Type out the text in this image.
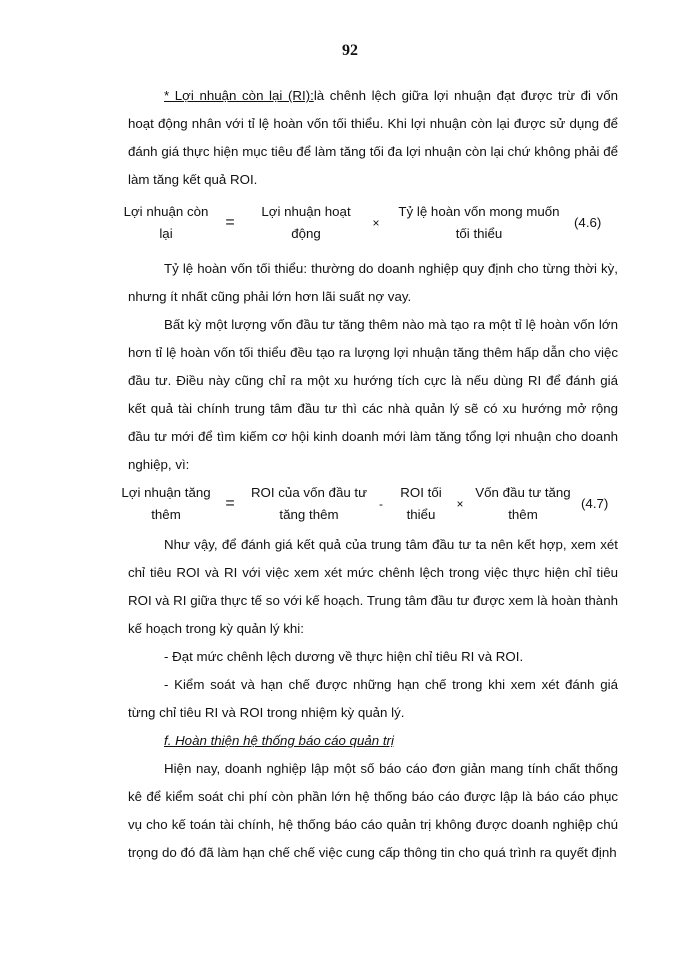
92

* Lợi nhuận còn lại (RI):là chênh lệch giữa lợi nhuận đạt được trừ đi vốn hoạt động nhân với tỉ lệ hoàn vốn tối thiểu. Khi lợi nhuận còn lại được sử dụng để đánh giá thực hiện mục tiêu để làm tăng tối đa lợi nhuận còn lại chứ không phải để làm tăng kết quả ROI.

Lợi nhuận còn lại
=
Lợi nhuận hoạt động
×
Tỷ lệ hoàn vốn mong muốn tối thiểu
(4.6)

Tỷ lệ hoàn vốn tối thiểu: thường do doanh nghiệp quy định cho từng thời kỳ, nhưng ít nhất cũng phải lớn hơn lãi suất nợ vay.

Bất kỳ một lượng vốn đầu tư tăng thêm nào mà tạo ra một tỉ lệ hoàn vốn lớn hơn tỉ lệ hoàn vốn tối thiểu đều tạo ra lượng lợi nhuận tăng thêm hấp dẫn cho việc đầu tư. Điều này cũng chỉ ra một xu hướng tích cực là nếu dùng RI để đánh giá kết quả tài chính trung tâm đầu tư thì các nhà quản lý sẽ có xu hướng mở rộng đầu tư mới để tìm kiếm cơ hội kinh doanh mới làm tăng tổng lợi nhuận cho doanh nghiệp, vì:

Lợi nhuận tăng thêm
=
ROI của vốn đầu tư tăng thêm
-
ROI tối thiểu
×
Vốn đầu tư tăng thêm
(4.7)

Như vậy, để đánh giá kết quả của trung tâm đầu tư ta nên kết hợp, xem xét chỉ tiêu ROI và RI với việc xem xét mức chênh lệch trong việc thực hiện chỉ tiêu ROI và RI giữa thực tế so với kế hoạch. Trung tâm đầu tư được xem là hoàn thành kế hoạch trong kỳ quản lý khi:

- Đạt mức chênh lệch dương về thực hiện chỉ tiêu RI và ROI.

- Kiểm soát và hạn chế được những hạn chế trong khi xem xét đánh giá từng chỉ tiêu RI và ROI trong nhiệm kỳ quản lý.

f. Hoàn thiện hệ thống báo cáo quản trị

Hiện nay, doanh nghiệp lập một số báo cáo đơn giản mang tính chất thống kê để kiểm soát chi phí còn phần lớn hệ thống báo cáo được lập là báo cáo phục vụ cho kế toán tài chính, hệ thống báo cáo quản trị không được doanh nghiệp chú trọng do đó đã làm hạn chế chế việc cung cấp thông tin cho quá trình ra quyết định
